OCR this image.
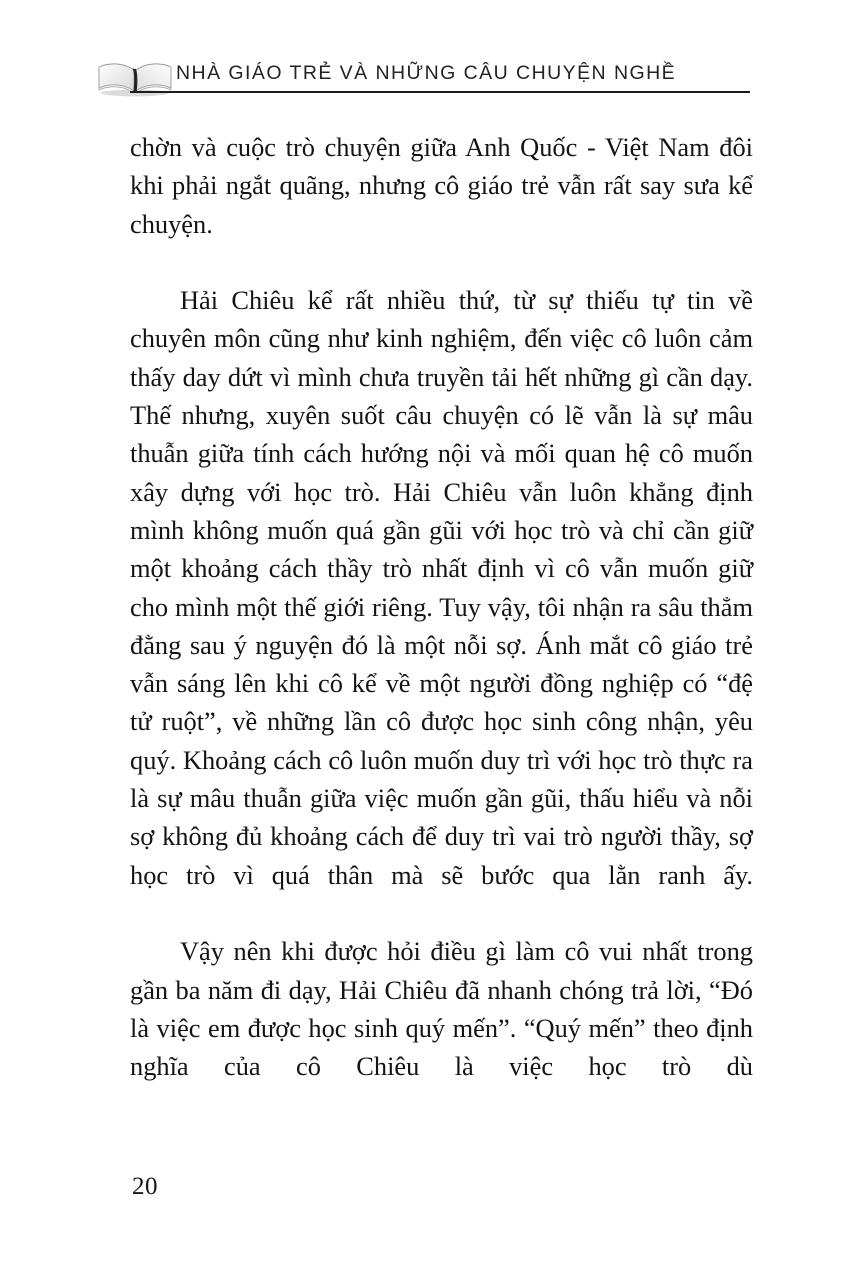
NHÀ GIÁO TRẺ VÀ NHỮNG CÂU CHUYỆN NGHỀ

chờn và cuộc trò chuyện giữa Anh Quốc - Việt Nam đôi khi phải ngắt quãng, nhưng cô giáo trẻ vẫn rất say sưa kể chuyện.

Hải Chiêu kể rất nhiều thứ, từ sự thiếu tự tin về chuyên môn cũng như kinh nghiệm, đến việc cô luôn cảm thấy day dứt vì mình chưa truyền tải hết những gì cần dạy. Thế nhưng, xuyên suốt câu chuyện có lẽ vẫn là sự mâu thuẫn giữa tính cách hướng nội và mối quan hệ cô muốn xây dựng với học trò. Hải Chiêu vẫn luôn khẳng định mình không muốn quá gần gũi với học trò và chỉ cần giữ một khoảng cách thầy trò nhất định vì cô vẫn muốn giữ cho mình một thế giới riêng. Tuy vậy, tôi nhận ra sâu thẳm đằng sau ý nguyện đó là một nỗi sợ. Ánh mắt cô giáo trẻ vẫn sáng lên khi cô kể về một người đồng nghiệp có “đệ tử ruột”, về những lần cô được học sinh công nhận, yêu quý. Khoảng cách cô luôn muốn duy trì với học trò thực ra là sự mâu thuẫn giữa việc muốn gần gũi, thấu hiểu và nỗi sợ không đủ khoảng cách để duy trì vai trò người thầy, sợ học trò vì quá thân mà sẽ bước qua lằn ranh ấy.

Vậy nên khi được hỏi điều gì làm cô vui nhất trong gần ba năm đi dạy, Hải Chiêu đã nhanh chóng trả lời, “Đó là việc em được học sinh quý mến”. “Quý mến” theo định nghĩa của cô Chiêu là việc học trò dù

20
